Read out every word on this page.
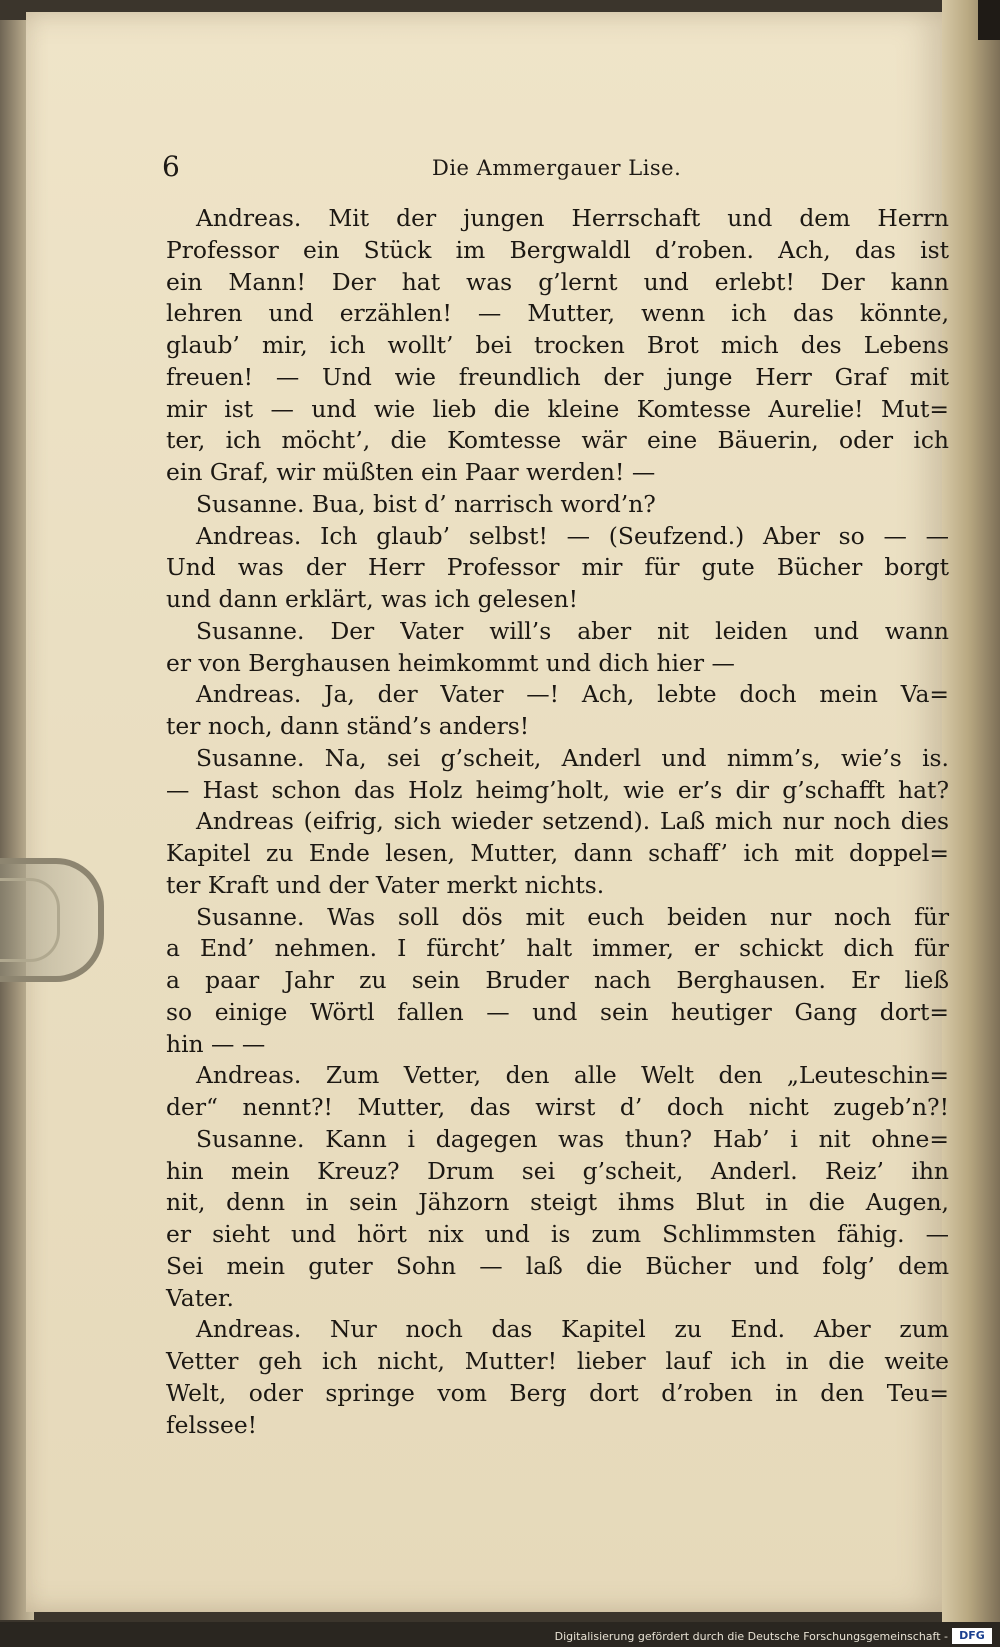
6	Die Ammergauer Lise.
Andreas. Mit der jungen Herrschaft und dem Herrn
Professor ein Stück im Bergwaldl d’roben. Ach, das ist
ein Mann! Der hat was g’lernt und erlebt! Der kann
lehren und erzählen! — Mutter, wenn ich das könnte,
glaub’ mir, ich wollt’ bei trocken Brot mich des Lebens
freuen! — Und wie freundlich der junge Herr Graf mit
mir ist — und wie lieb die kleine Komtesse Aurelie! Mut=
ter, ich möcht’, die Komtesse wär eine Bäuerin, oder ich
ein Graf, wir müßten ein Paar werden! —
Susanne. Bua, bist d’ narrisch word’n?
Andreas. Ich glaub’ selbst! — (Seufzend.) Aber so — —
Und was der Herr Professor mir für gute Bücher borgt
und dann erklärt, was ich gelesen!
Susanne. Der Vater will’s aber nit leiden und wann
er von Berghausen heimkommt und dich hier —
Andreas. Ja, der Vater —! Ach, lebte doch mein Va=
ter noch, dann ständ’s anders!
Susanne. Na, sei g’scheit, Anderl und nimm’s, wie’s is.
— Hast schon das Holz heimg’holt, wie er’s dir g’schafft hat?
Andreas (eifrig, sich wieder setzend). Laß mich nur noch dies
Kapitel zu Ende lesen, Mutter, dann schaff’ ich mit doppel=
ter Kraft und der Vater merkt nichts.
Susanne. Was soll dös mit euch beiden nur noch für
a End’ nehmen. I fürcht’ halt immer, er schickt dich für
a paar Jahr zu sein Bruder nach Berghausen. Er ließ
so einige Wörtl fallen — und sein heutiger Gang dort=
hin — —
Andreas. Zum Vetter, den alle Welt den „Leuteschin=
der“ nennt?! Mutter, das wirst d’ doch nicht zugeb’n?!
Susanne. Kann i dagegen was thun? Hab’ i nit ohne=
hin mein Kreuz? Drum sei g’scheit, Anderl. Reiz’ ihn
nit, denn in sein Jähzorn steigt ihms Blut in die Augen,
er sieht und hört nix und is zum Schlimmsten fähig. —
Sei mein guter Sohn — laß die Bücher und folg’ dem
Vater.
Andreas. Nur noch das Kapitel zu End. Aber zum
Vetter geh ich nicht, Mutter! lieber lauf ich in die weite
Welt, oder springe vom Berg dort d’roben in den Teu=
felssee!
Digitalisierung gefördert durch die Deutsche Forschungsgemeinschaft -	DFG
